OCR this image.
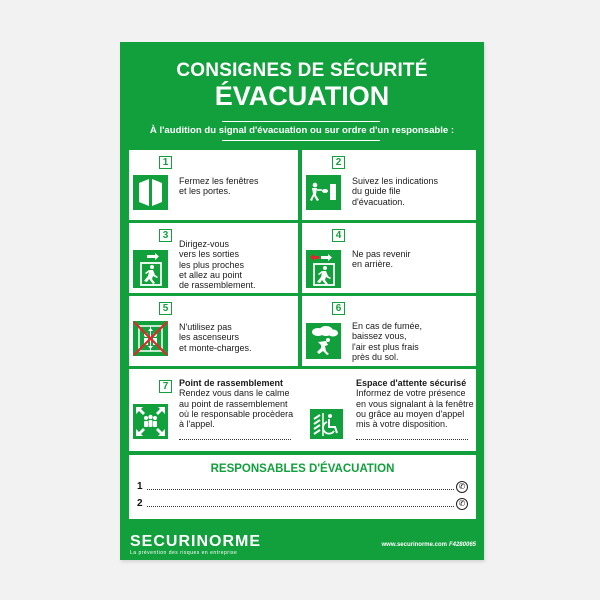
CONSIGNES DE SÉCURITÉ
ÉVACUATION
À l'audition du signal d'évacuation ou sur ordre d'un responsable :
1
Fermez les fenêtres
et les portes.
2
Suivez les indications
du guide file
d'évacuation.
3
Dirigez-vous
vers les sorties
les plus proches
et allez au point
de rassemblement.
4
Ne pas revenir
en arrière.
5
N'utilisez pas
les ascenseurs
et monte-charges.
6
En cas de fumée,
baissez vous,
l'air est plus frais
près du sol.
7	Point de rassemblement
Rendez vous dans le calme
au point de rassemblement
où le responsable procèdera
à l'appel.
Espace d'attente sécurisé
Informez de votre présence
en vous signalant à la fenêtre
ou grâce au moyen d'appel
mis à votre disposition.
RESPONSABLES D'ÉVACUATION
1	✆
2	✆
SECURINORME
La prévention des risques en entreprise
www.securinorme.com F4280065
